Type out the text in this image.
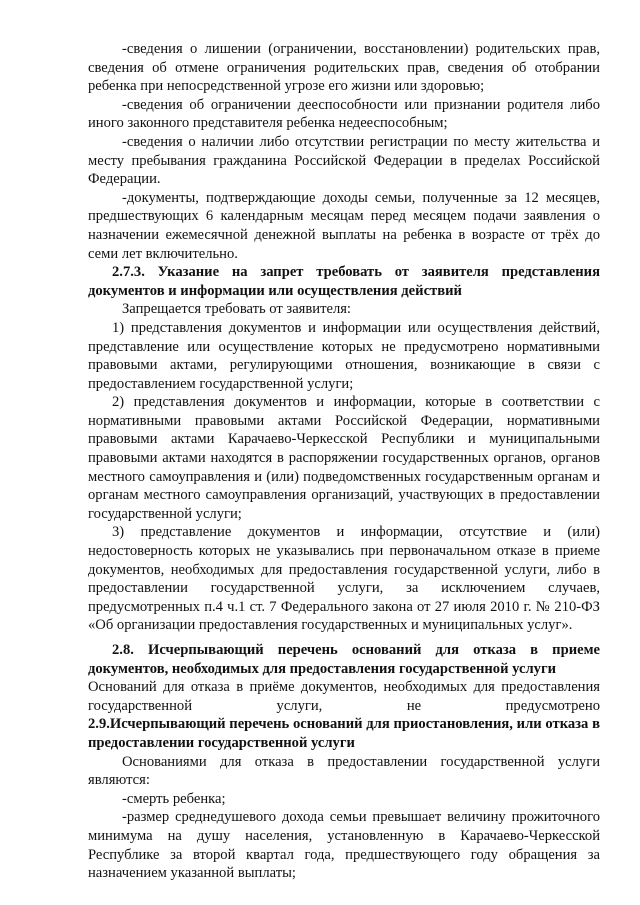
-сведения о лишении (ограничении, восстановлении) родительских прав, сведения об отмене ограничения родительских прав, сведения об отобрании ребенка при непосредственной угрозе его жизни или здоровью;

-сведения об ограничении дееспособности или признании родителя либо иного законного представителя ребенка недееспособным;

-сведения о наличии либо отсутствии регистрации по месту жительства и месту пребывания гражданина Российской Федерации в пределах Российской Федерации.

-документы, подтверждающие доходы семьи, полученные за 12 месяцев, предшествующих 6 календарным месяцам перед месяцем подачи заявления о назначении ежемесячной денежной выплаты на ребенка в возрасте от трёх до семи лет включительно.

2.7.3. Указание на запрет требовать от заявителя представления документов и информации или осуществления действий

Запрещается требовать от заявителя:

1) представления документов и информации или осуществления действий, представление или осуществление которых не предусмотрено нормативными правовыми актами, регулирующими отношения, возникающие в связи с предоставлением государственной услуги;

2) представления документов и информации, которые в соответствии с нормативными правовыми актами Российской Федерации, нормативными правовыми актами Карачаево-Черкесской Республики и муниципальными правовыми актами находятся в распоряжении государственных органов, органов местного самоуправления и (или) подведомственных государственным органам и органам местного самоуправления организаций, участвующих в предоставлении государственной услуги;

3) представление документов и информации, отсутствие и (или) недостоверность которых не указывались при первоначальном отказе в приеме документов, необходимых для предоставления государственной услуги, либо в предоставлении государственной услуги, за исключением случаев, предусмотренных п.4 ч.1 ст. 7 Федерального закона от 27 июля 2010 г. № 210-ФЗ «Об организации предоставления государственных и муниципальных услуг».

2.8. Исчерпывающий перечень оснований для отказа в приеме документов, необходимых для предоставления государственной услуги

Оснований для отказа в приёме документов, необходимых для предоставления государственной услуги, не предусмотрено

2.9.Исчерпывающий перечень оснований для приостановления, или отказа в предоставлении государственной услуги

Основаниями для отказа в предоставлении государственной услуги являются:

-смерть ребенка;

-размер среднедушевого дохода семьи превышает величину прожиточного минимума на душу населения, установленную в Карачаево-Черкесской Республике за второй квартал года, предшествующего году обращения за назначением указанной выплаты;
